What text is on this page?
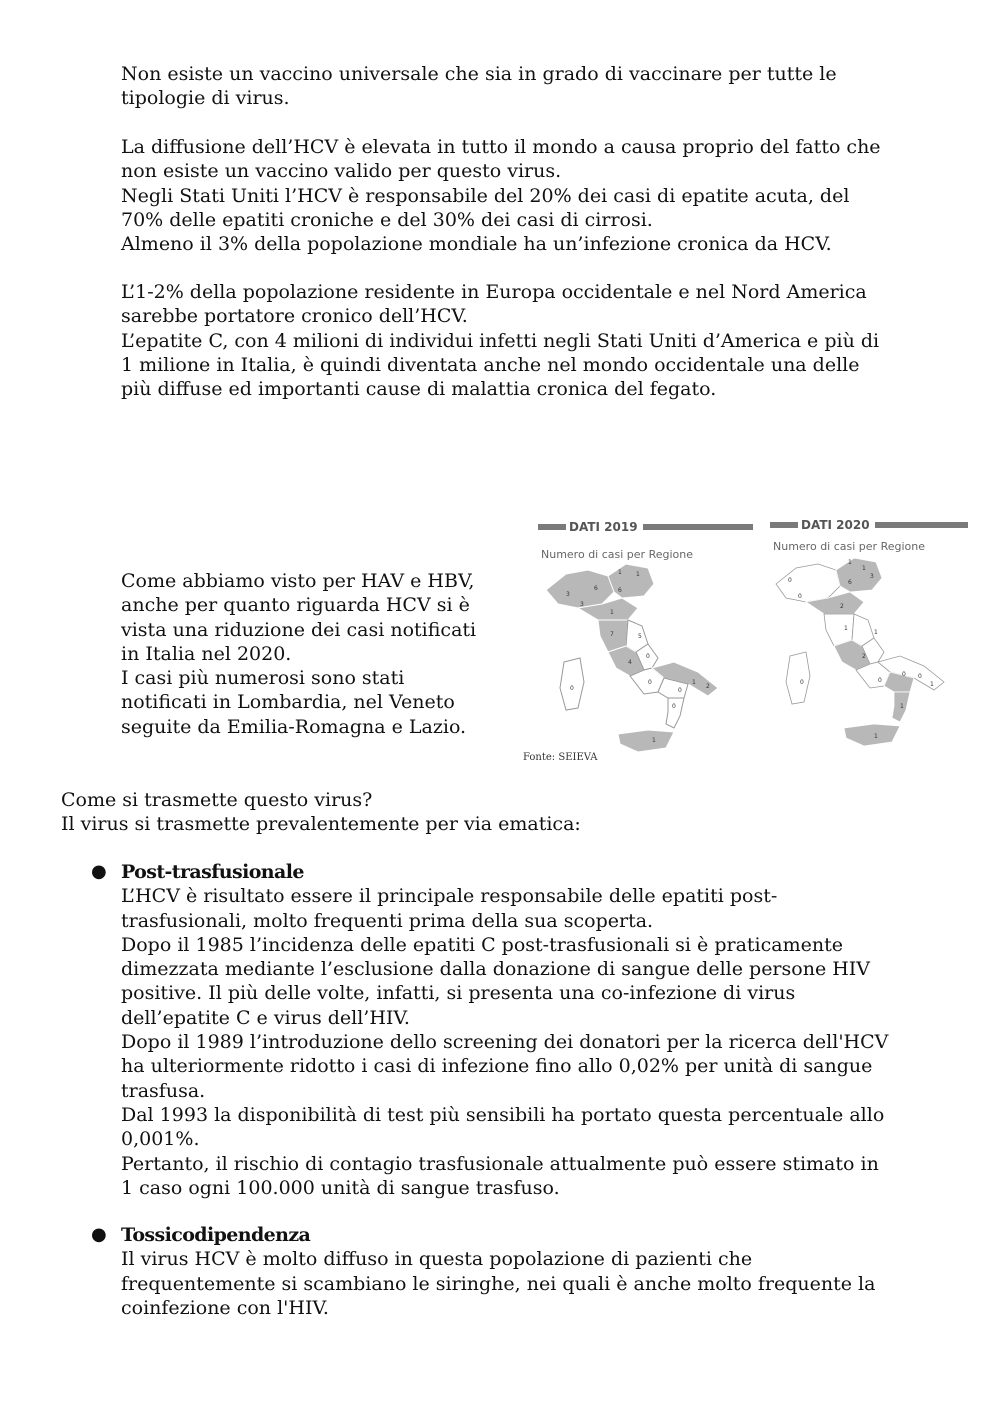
Non esiste un vaccino universale che sia in grado di vaccinare per tutte le
tipologie di virus.
La diffusione dell’HCV è elevata in tutto il mondo a causa proprio del fatto che
non esiste un vaccino valido per questo virus.
Negli Stati Uniti l’HCV è responsabile del 20% dei casi di epatite acuta, del
70% delle epatiti croniche e del 30% dei casi di cirrosi.
Almeno il 3% della popolazione mondiale ha un’infezione cronica da HCV.
L’1-2% della popolazione residente in Europa occidentale e nel Nord America
sarebbe portatore cronico dell’HCV.
L’epatite C, con 4 milioni di individui infetti negli Stati Uniti d’America e più di
1 milione in Italia, è quindi diventata anche nel mondo occidentale una delle
più diffuse ed importanti cause di malattia cronica del fegato.
Come abbiamo visto per HAV e HBV,
anche per quanto riguarda HCV si è
vista una riduzione dei casi notificati
in Italia nel 2020.
I casi più numerosi sono stati
notificati in Lombardia, nel Veneto
seguite da Emilia-Romagna e Lazio.
DATI 2019
Numero di casi per Regione
DATI 2020
Numero di casi per Regione
1 1
6
3
3
6
1
7	5
0
4
0
0
0
1
0
2
1
1
0
1
6
0
2
3
1
2
0
1
0
0 0
1
1
1
Fonte: SEIEVA
Come si trasmette questo virus?
Il virus si trasmette prevalentemente per via ematica:
● Post-trasfusionale
L’HCV è risultato essere il principale responsabile delle epatiti post-
trasfusionali, molto frequenti prima della sua scoperta.
Dopo il 1985 l’incidenza delle epatiti C post-trasfusionali si è praticamente
dimezzata mediante l’esclusione dalla donazione di sangue delle persone HIV
positive. Il più delle volte, infatti, si presenta una co-infezione di virus
dell’epatite C e virus dell’HIV.
Dopo il 1989 l’introduzione dello screening dei donatori per la ricerca dell'HCV
ha ulteriormente ridotto i casi di infezione fino allo 0,02% per unità di sangue
trasfusa.
Dal 1993 la disponibilità di test più sensibili ha portato questa percentuale allo
0,001%.
Pertanto, il rischio di contagio trasfusionale attualmente può essere stimato in
1 caso ogni 100.000 unità di sangue trasfuso.
● Tossicodipendenza
Il virus HCV è molto diffuso in questa popolazione di pazienti che
frequentemente si scambiano le siringhe, nei quali è anche molto frequente la
coinfezione con l'HIV.
